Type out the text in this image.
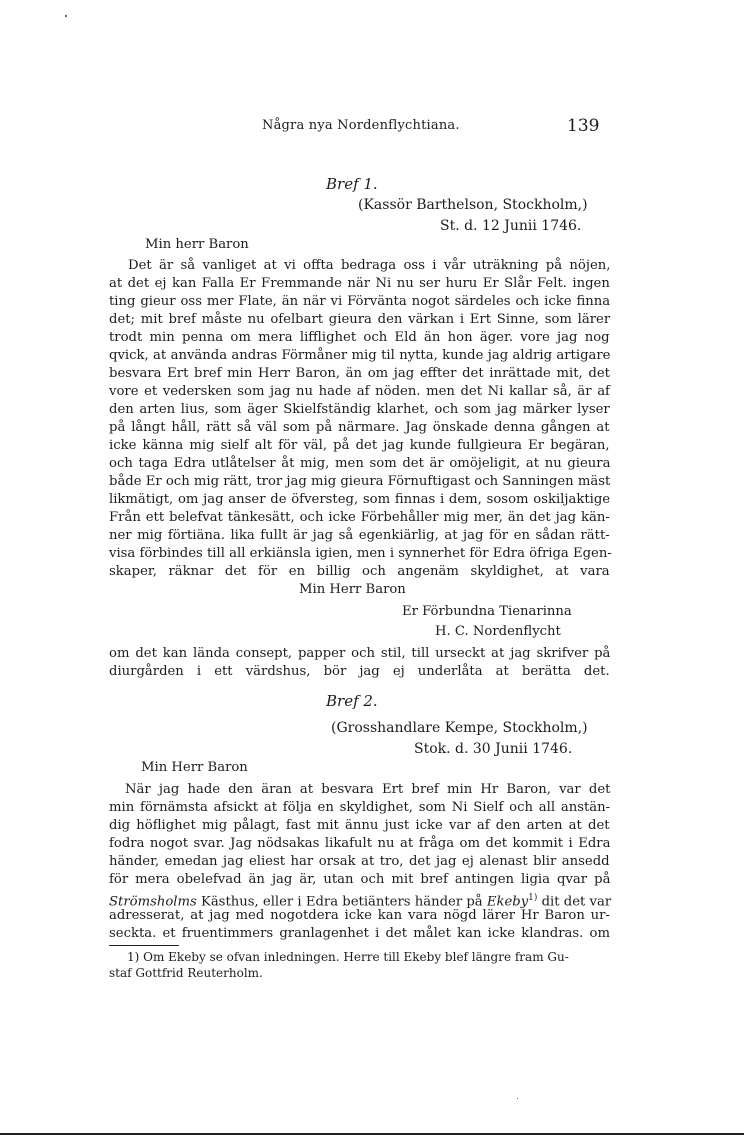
Några nya Nordenflychtiana.	139
Bref 1.
(Kassör Barthelson, Stockholm,)
St. d. 12 Junii 1746.
Min herr Baron
Det är så vanliget at vi offta bedraga oss i vår uträkning på nöjen,
at det ej kan Falla Er Fremmande när Ni nu ser huru Er Slår Felt. ingen
ting gieur oss mer Flate, än när vi Förvänta nogot särdeles och icke finna
det; mit bref måste nu ofelbart gieura den värkan i Ert Sinne, som lärer
trodt min penna om mera lifflighet och Eld än hon äger. vore jag nog
qvick, at använda andras Förmåner mig til nytta, kunde jag aldrig artigare
besvara Ert bref min Herr Baron, än om jag effter det inrättade mit, det
vore et vedersken som jag nu hade af nöden. men det Ni kallar så, är af
den arten lius, som äger Skielfständig klarhet, och som jag märker lyser
på långt håll, rätt så väl som på närmare. Jag önskade denna gången at
icke känna mig sielf alt för väl, på det jag kunde fullgieura Er begäran,
och taga Edra utlåtelser åt mig, men som det är omöjeligit, at nu gieura
både Er och mig rätt, tror jag mig gieura Förnuftigast och Sanningen mäst
likmätigt, om jag anser de öfversteg, som finnas i dem, sosom oskiljaktige
Från ett belefvat tänkesätt, och icke Förbehåller mig mer, än det jag kän-
ner mig förtiäna. lika fullt är jag så egenkiärlig, at jag för en sådan rätt-
visa förbindes till all erkiänsla igien, men i synnerhet för Edra öfriga Egen-
skaper, räknar det för en billig och angenäm skyldighet, at vara
Min Herr Baron
Er Förbundna Tienarinna
H. C. Nordenflycht
om det kan lända consept, papper och stil, till urseckt at jag skrifver på
diurgården i ett värdshus, bör jag ej underlåta at berätta det.
Bref 2.
(Grosshandlare Kempe, Stockholm,)
Stok. d. 30 Junii 1746.
Min Herr Baron
När jag hade den äran at besvara Ert bref min Hr Baron, var det
min förnämsta afsickt at följa en skyldighet, som Ni Sielf och all anstän-
dig höflighet mig pålagt, fast mit ännu just icke var af den arten at det
fodra nogot svar. Jag nödsakas likafult nu at fråga om det kommit i Edra
händer, emedan jag eliest har orsak at tro, det jag ej alenast blir ansedd
för mera obelefvad än jag är, utan och mit bref antingen ligia qvar på
Strömsholms Kästhus, eller i Edra betiänters händer på Ekeby$^{1)}$ dit det var
adresserat, at jag med nogotdera icke kan vara nögd lärer Hr Baron ur-
seckta. et fruentimmers granlagenhet i det målet kan icke klandras. om
1) Om Ekeby se ofvan inledningen. Herre till Ekeby blef längre fram Gu-
staf Gottfrid Reuterholm.
